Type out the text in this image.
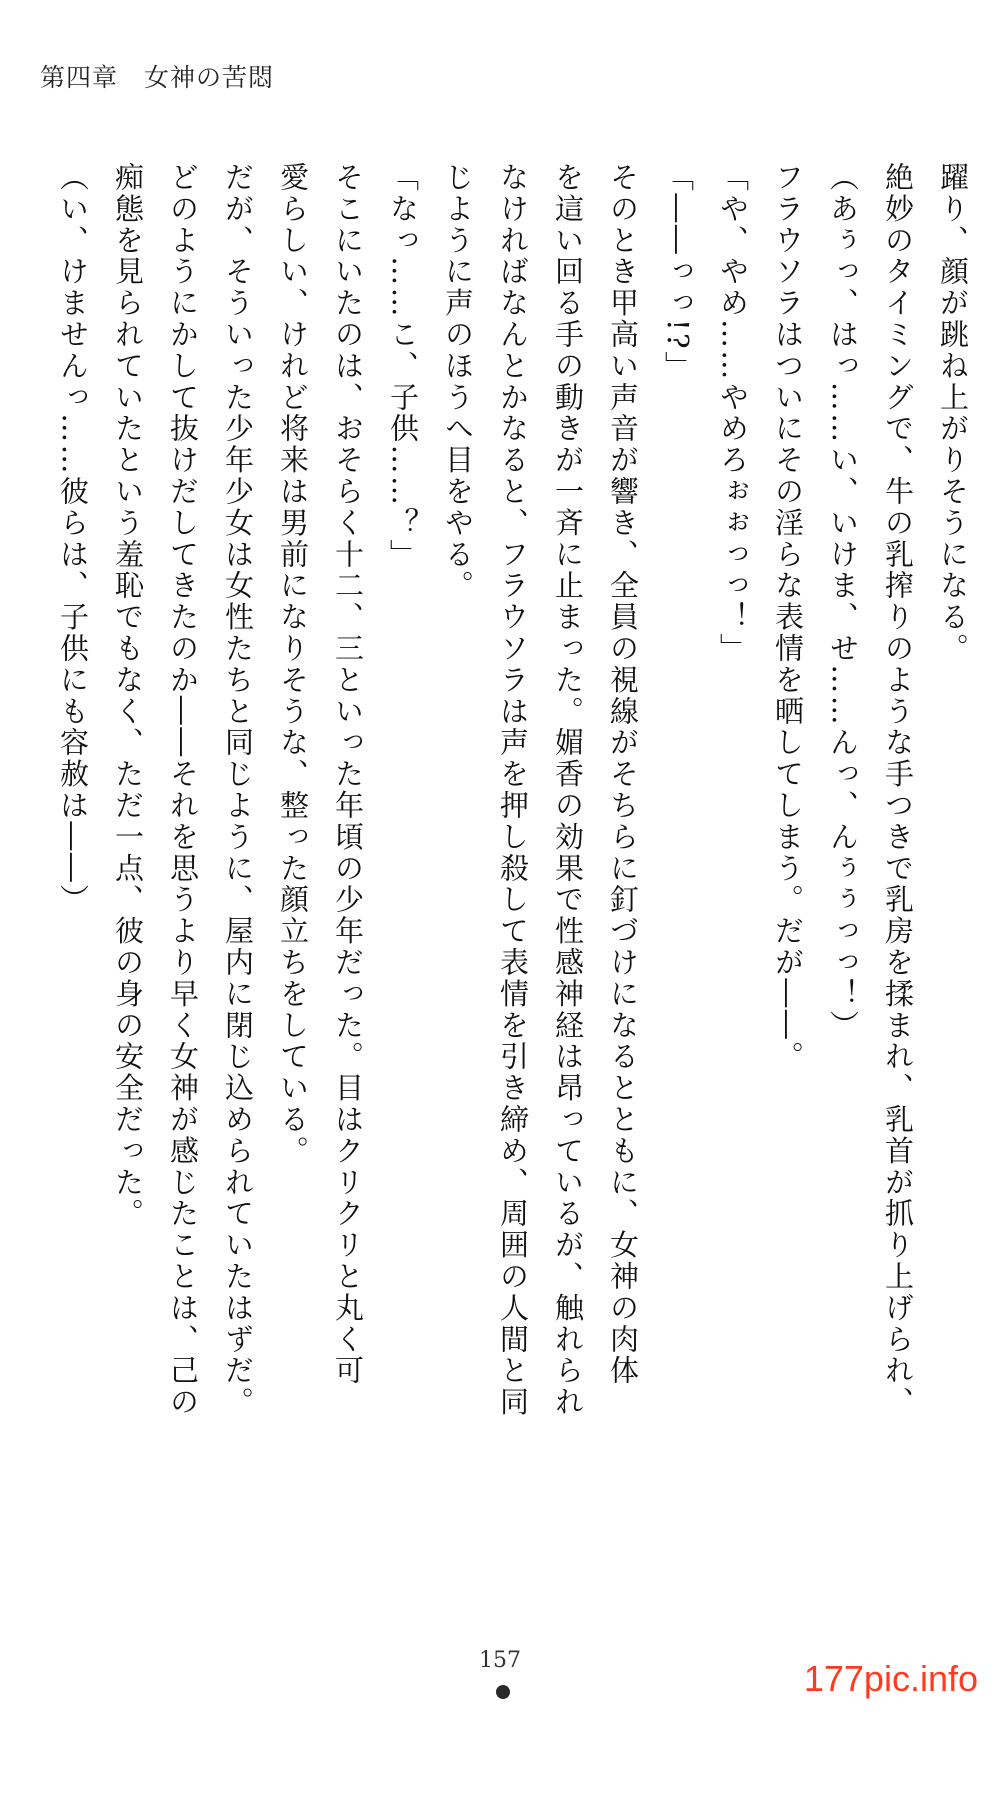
第四章　女神の苦悶
躍り、顔が跳ね上がりそうになる。
絶妙のタイミングで、牛の乳搾りのような手つきで乳房を揉まれ、乳首が抓り上げられ、
（あぅっ、はっ……い、いけま、せ……んっ、んぅぅっっ！）
フラウソラはついにその淫らな表情を晒してしまう。だが――。
「や、やめ……やめろぉぉっっ！」
「――っっ!?」
そのとき甲高い声音が響き、全員の視線がそちらに釘づけになるとともに、女神の肉体
を這い回る手の動きが一斉に止まった。媚香の効果で性感神経は昂っているが、触れられ
なければなんとかなると、フラウソラは声を押し殺して表情を引き締め、周囲の人間と同
じように声のほうへ目をやる。
「なっ……こ、子供……？」
そこにいたのは、おそらく十二、三といった年頃の少年だった。目はクリクリと丸く可
愛らしい、けれど将来は男前になりそうな、整った顔立ちをしている。
だが、そういった少年少女は女性たちと同じように、屋内に閉じ込められていたはずだ。
どのようにかして抜けだしてきたのか――それを思うより早く女神が感じたことは、己の
痴態を見られていたという羞恥でもなく、ただ一点、彼の身の安全だった。
（い、けませんっ……彼らは、子供にも容赦は――）
157	177pic.info
